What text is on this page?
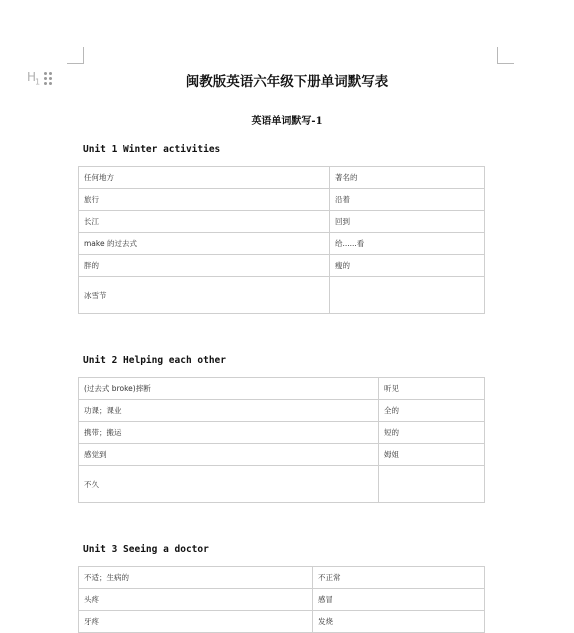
$H_1$	闽教版英语六年级下册单词默写表
英语单词默写-1
Unit 1 Winter activities
任何地方	著名的
旅行	沿着
长江	回到
make 的过去式	给......看
胖的	瘦的
冰雪节	
Unit 2 Helping each other
(过去式 broke)摔断	听见
功课；课业	全的
携带；搬运	短的
感觉到	姆姐
不久	
Unit 3 Seeing a doctor
不适；生病的	不正常
头疼	感冒
牙疼	发烧
